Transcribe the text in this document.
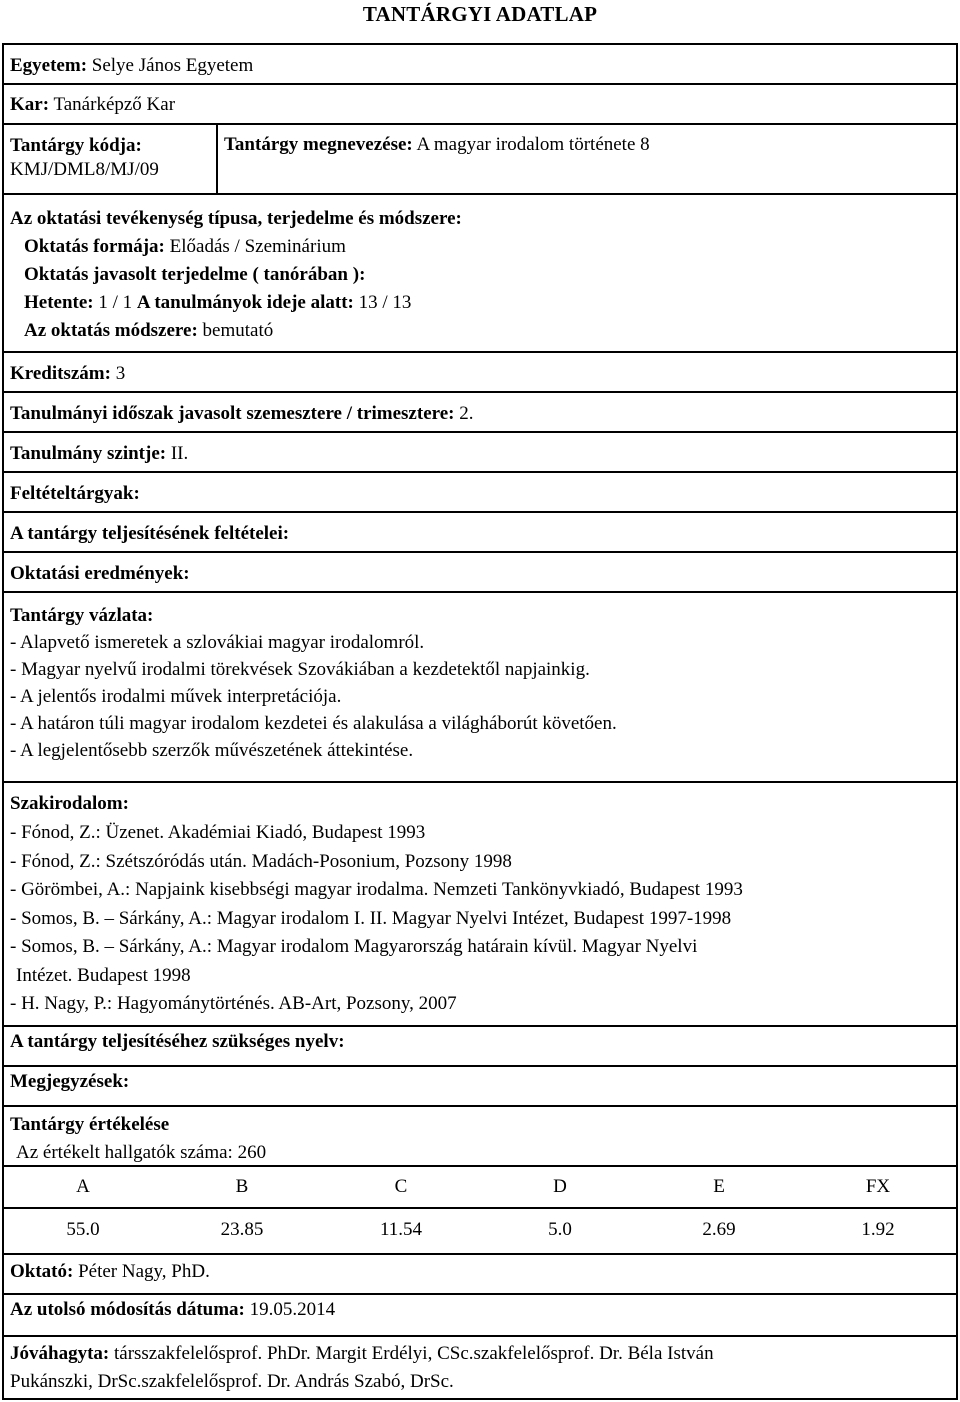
TANTÁRGYI ADATLAP
Egyetem: Selye János Egyetem
Kar: Tanárképző Kar
Tantárgy kódja:
KMJ/DML8/MJ/09
Tantárgy megnevezése: A magyar irodalom története 8
Az oktatási tevékenység típusa, terjedelme és módszere:
Oktatás formája: Előadás / Szeminárium
Oktatás javasolt terjedelme ( tanórában ):
Hetente: 1 / 1 A tanulmányok ideje alatt: 13 / 13
Az oktatás módszere: bemutató
Kreditszám: 3
Tanulmányi időszak javasolt szemesztere / trimesztere: 2.
Tanulmány szintje: II.
Feltételtárgyak:
A tantárgy teljesítésének feltételei:
Oktatási eredmények:
Tantárgy vázlata:
- Alapvető ismeretek a szlovákiai magyar irodalomról.
- Magyar nyelvű irodalmi törekvések Szovákiában a kezdetektől napjainkig.
- A jelentős irodalmi művek interpretációja.
- A határon túli magyar irodalom kezdetei és alakulása a világháborút követően.
- A legjelentősebb szerzők művészetének áttekintése.
Szakirodalom:
- Fónod, Z.: Üzenet. Akadémiai Kiadó, Budapest 1993
- Fónod, Z.: Szétszóródás után. Madách-Posonium, Pozsony 1998
- Görömbei, A.: Napjaink kisebbségi magyar irodalma. Nemzeti Tankönyvkiadó, Budapest 1993
- Somos, B. – Sárkány, A.: Magyar irodalom I. II. Magyar Nyelvi Intézet, Budapest 1997-1998
- Somos, B. – Sárkány, A.: Magyar irodalom Magyarország határain kívül. Magyar Nyelvi
Intézet. Budapest 1998
- H. Nagy, P.: Hagyománytörténés. AB-Art, Pozsony, 2007
A tantárgy teljesítéséhez szükséges nyelv:
Megjegyzések:
Tantárgy értékelése
Az értékelt hallgatók száma: 260
A	B	C	D	E	FX
55.0	23.85	11.54	5.0	2.69	1.92
Oktató: Péter Nagy, PhD.
Az utolsó módosítás dátuma: 19.05.2014
Jóváhagyta: társszakfelelősprof. PhDr. Margit Erdélyi, CSc.szakfelelősprof. Dr. Béla István
Pukánszki, DrSc.szakfelelősprof. Dr. András Szabó, DrSc.
